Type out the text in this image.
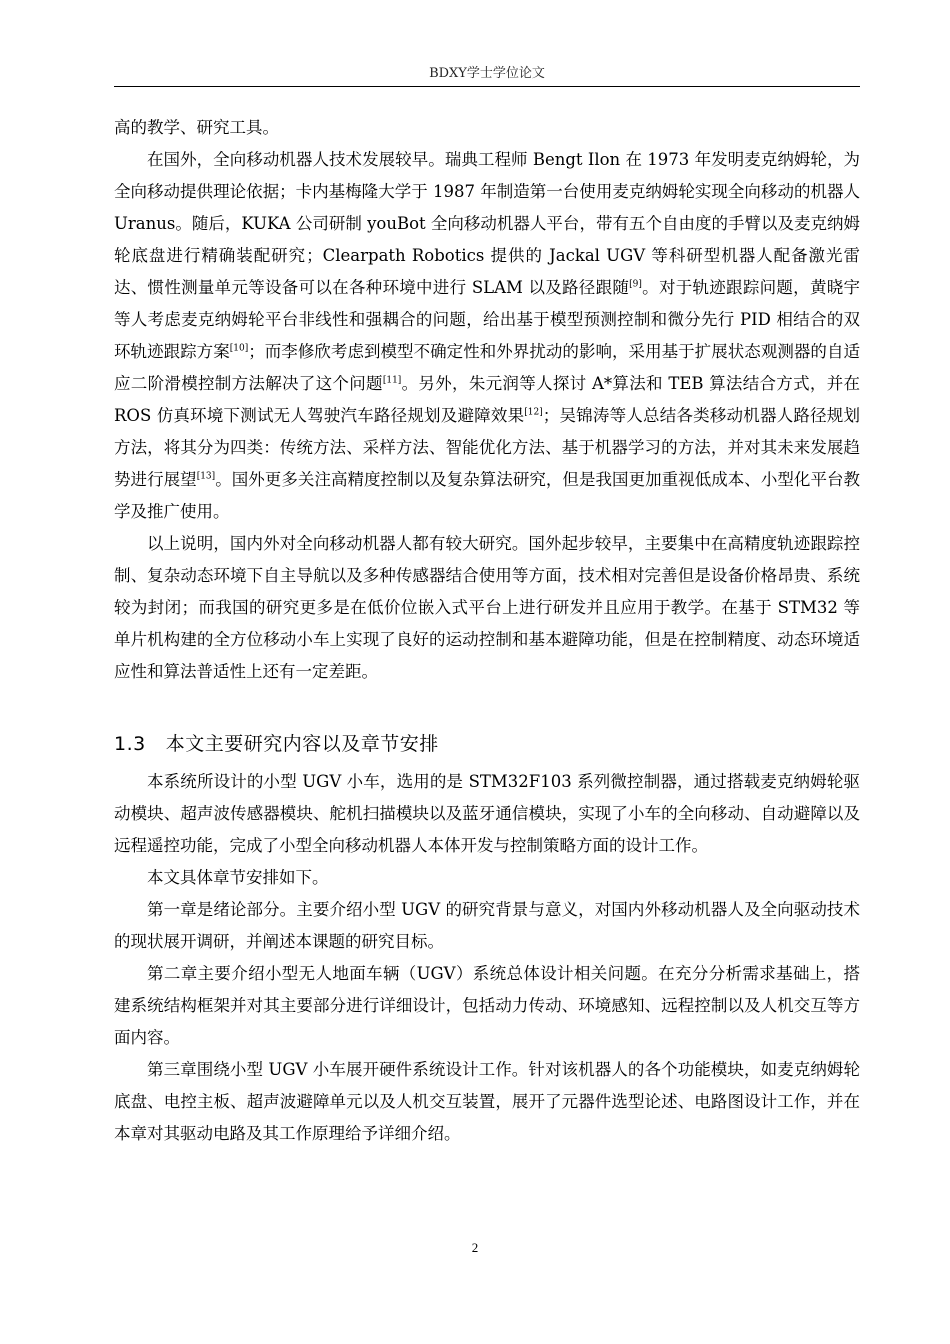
BDXY学士学位论文

高的教学、研究工具。

在国外，全向移动机器人技术发展较早。瑞典工程师 Bengt Ilon 在 1973 年发明麦克纳姆轮，为全向移动提供理论依据；卡内基梅隆大学于 1987 年制造第一台使用麦克纳姆轮实现全向移动的机器人 Uranus。随后，KUKA 公司研制 youBot 全向移动机器人平台，带有五个自由度的手臂以及麦克纳姆轮底盘进行精确装配研究；Clearpath Robotics 提供的 Jackal UGV 等科研型机器人配备激光雷达、惯性测量单元等设备可以在各种环境中进行 SLAM 以及路径跟随[9]。对于轨迹跟踪问题，黄晓宇等人考虑麦克纳姆轮平台非线性和强耦合的问题，给出基于模型预测控制和微分先行 PID 相结合的双环轨迹跟踪方案[10]；而李修欣考虑到模型不确定性和外界扰动的影响，采用基于扩展状态观测器的自适应二阶滑模控制方法解决了这个问题[11]。另外，朱元润等人探讨 A*算法和 TEB 算法结合方式，并在 ROS 仿真环境下测试无人驾驶汽车路径规划及避障效果[12]；吴锦涛等人总结各类移动机器人路径规划方法，将其分为四类：传统方法、采样方法、智能优化方法、基于机器学习的方法，并对其未来发展趋势进行展望[13]。国外更多关注高精度控制以及复杂算法研究，但是我国更加重视低成本、小型化平台教学及推广使用。

以上说明，国内外对全向移动机器人都有较大研究。国外起步较早，主要集中在高精度轨迹跟踪控制、复杂动态环境下自主导航以及多种传感器结合使用等方面，技术相对完善但是设备价格昂贵、系统较为封闭；而我国的研究更多是在低价位嵌入式平台上进行研发并且应用于教学。在基于 STM32 等单片机构建的全方位移动小车上实现了良好的运动控制和基本避障功能，但是在控制精度、动态环境适应性和算法普适性上还有一定差距。

1.3 本文主要研究内容以及章节安排

本系统所设计的小型 UGV 小车，选用的是 STM32F103 系列微控制器，通过搭载麦克纳姆轮驱动模块、超声波传感器模块、舵机扫描模块以及蓝牙通信模块，实现了小车的全向移动、自动避障以及远程遥控功能，完成了小型全向移动机器人本体开发与控制策略方面的设计工作。

本文具体章节安排如下。

第一章是绪论部分。主要介绍小型 UGV 的研究背景与意义，对国内外移动机器人及全向驱动技术的现状展开调研，并阐述本课题的研究目标。

第二章主要介绍小型无人地面车辆（UGV）系统总体设计相关问题。在充分分析需求基础上，搭建系统结构框架并对其主要部分进行详细设计，包括动力传动、环境感知、远程控制以及人机交互等方面内容。

第三章围绕小型 UGV 小车展开硬件系统设计工作。针对该机器人的各个功能模块，如麦克纳姆轮底盘、电控主板、超声波避障单元以及人机交互装置，展开了元器件选型论述、电路图设计工作，并在本章对其驱动电路及其工作原理给予详细介绍。

2
